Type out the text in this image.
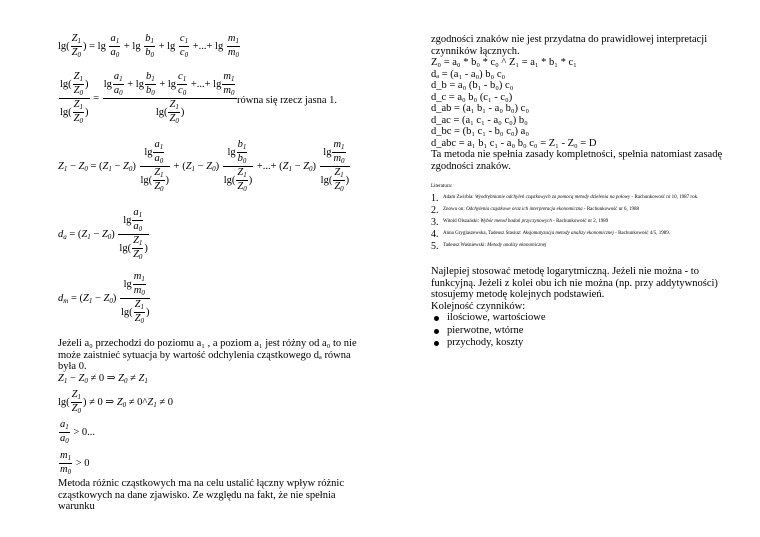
$\lg( \frac{Z_1}{Z_0}$ ) = $\lg \frac{a_1}{a_0} + \lg \frac{b_1}{b_0} + \lg \frac{c_1}{c_0}$ +...+ $\lg \frac{m_1}{m_0}$
$\frac{\lg( \frac{Z_1}{Z_0} )}{\lg( \frac{Z_1}{Z_0} )} = \frac{\lg \frac{a_1}{a_0} + \lg \frac{b_1}{b_0} + \lg \frac{c_1}{c_0} +...+ \lg \frac{m_1}{m_0}}{\lg( \frac{Z_1}{Z_0} )}$ równa się rzecz jasna 1.
$Z_1 - Z_0 = (Z_1 - Z_0) \frac{\lg \frac{a_1}{a_0}}{\lg( \frac{Z_1}{Z_0} )} + (Z_1 - Z_0) \frac{\lg \frac{b_1}{b_0}}{\lg( \frac{Z_1}{Z_0} )}$ +...+ $(Z_1 - Z_0) \frac{\lg \frac{m_1}{m_0}}{\lg( \frac{Z_1}{Z_0} )}$
$d_a = (Z_1 - Z_0) \frac{\lg \frac{a_1}{a_0}}{\lg( \frac{Z_1}{Z_0} )}$
$d_m = (Z_1 - Z_0) \frac{\lg \frac{m_1}{m_0}}{\lg( \frac{Z_1}{Z_0} )}$
Jeżeli a₀ przechodzi do poziomu a₁ , a poziom a₁ jest różny od a₀ to nie może zaistnieć sytuacja by wartość odchylenia cząstkowego dₐ równa była 0.
$Z_1 - Z_0 \ne 0$ ⇒ $Z_0 \ne Z_1$
$\lg( \frac{Z_1}{Z_0}$ ) ≠ 0 ⇒ $Z_0$ ≠ $0\^{}Z_1 \ne 0$
$\frac{a_1}{a_0} > 0$...
$\frac{m_1}{m_0} > 0$
Metoda różnic cząstkowych ma na celu ustalić łączny wpływ różnic cząstkowych na dane zjawisko. Ze względu na fakt, że nie spełnia warunku
zgodności znaków nie jest przydatna do prawidłowej interpretacji czynników łącznych.
Z₀ = a₀ * b₀ * c₀ ^ Z₁ = a₁ * b₁ * c₁
dₐ = (a₁ - a₀) b₀ c₀
d_b = a₀ (b₁ - b₀) c₀
d_c = a₀ b₀ (c₁ - c₀)
d_ab = (a₁ b₁ - a₀ b₀) c₀
d_ac = (a₁ c₁ - a₀ c₀) b₀
d_bc = (b₁ c₁ - b₀ c₀) a₀
d_abc = a₁ b₁ c₁ - a₀ b₀ c₀ = Z₁ - Z₀ = D
Ta metoda nie spełnia zasady kompletności, spełnia natomiast zasadę zgodności znaków.
Literatura:
1. Adam Zwirbla: Wyodrębnianie odchyleń cząstkowych za pomocą metody dzielenia na połowy - Rachunkowość nr 10, 1987 rok.
2. Znowu on: Odchylenia cząstkowe oraz ich interpretacja ekonomiczna - Rachunkowość nr 6, 1988
3. Witold Olszański: Wybór metod badań przyczynowych - Rachunkowość nr 2, 1989
4. Anna Gryglaszewska, Tadeusz Stasiuz: Aksjomatyzacja metody analizy ekonomicznej - Rachunkowość 4/5, 1989.
5. Tadeusz Waśniewski: Metody analizy ekonomicznej
Najlepiej stosować metodę logarytmiczną. Jeżeli nie można - to funkcyjną. Jeżeli z kolei obu ich nie można (np. przy addytywności) stosujemy metodę kolejnych podstawień.
Kolejność czynników:
ilościowe, wartościowe
pierwotne, wtórne
przychody, koszty
